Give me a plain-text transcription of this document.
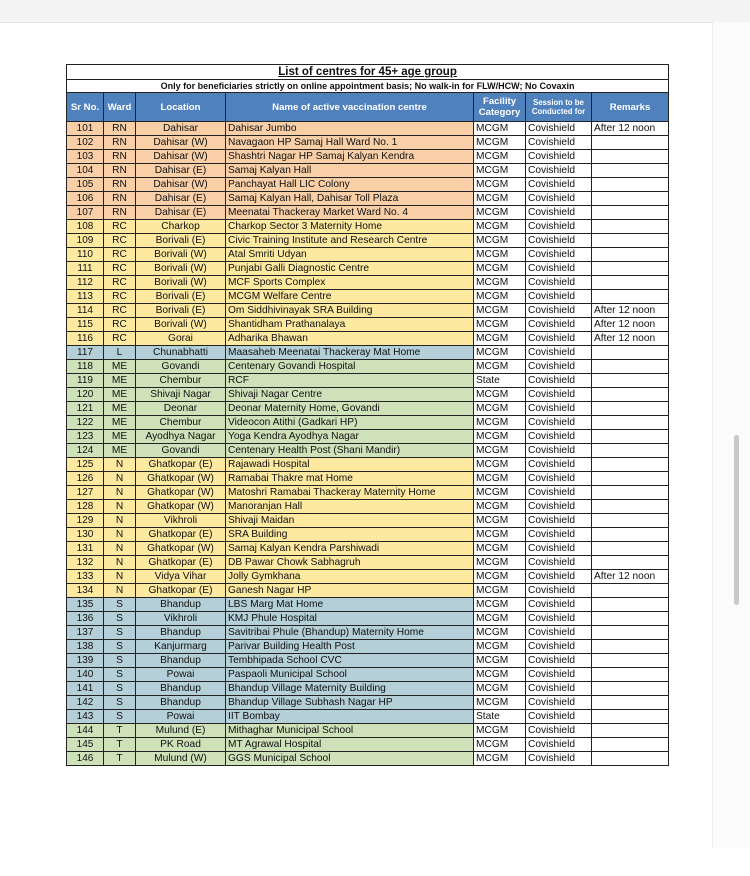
List of centres for 45+ age group						
Only for beneficiaries strictly on online appointment basis; No walk-in for FLW/HCW; No Covaxin						
Sr No.	Ward	Location	Name of active vaccination centre	Facility Category	Session to be Conducted for	Remarks
101	RN	Dahisar	Dahisar Jumbo	MCGM	Covishield	After 12 noon
102	RN	Dahisar (W)	Navagaon HP Samaj Hall Ward No. 1	MCGM	Covishield	
103	RN	Dahisar (W)	Shashtri Nagar HP Samaj Kalyan Kendra	MCGM	Covishield	
104	RN	Dahisar (E)	Samaj Kalyan Hall	MCGM	Covishield	
105	RN	Dahisar (W)	Panchayat Hall LIC Colony	MCGM	Covishield	
106	RN	Dahisar (E)	Samaj Kalyan Hall, Dahisar Toll Plaza	MCGM	Covishield	
107	RN	Dahisar (E)	Meenatai Thackeray Market Ward No. 4	MCGM	Covishield	
108	RC	Charkop	Charkop Sector 3 Maternity Home	MCGM	Covishield	
109	RC	Borivali (E)	Civic Training Institute and Research Centre	MCGM	Covishield	
110	RC	Borivali (W)	Atal Smriti Udyan	MCGM	Covishield	
111	RC	Borivali (W)	Punjabi Galli Diagnostic Centre	MCGM	Covishield	
112	RC	Borivali (W)	MCF Sports Complex	MCGM	Covishield	
113	RC	Borivali (E)	MCGM Welfare Centre	MCGM	Covishield	
114	RC	Borivali (E)	Om Siddhivinayak SRA Building	MCGM	Covishield	After 12 noon
115	RC	Borivali (W)	Shantidham Prathanalaya	MCGM	Covishield	After 12 noon
116	RC	Gorai	Adharika Bhawan	MCGM	Covishield	After 12 noon
117	L	Chunabhatti	Maasaheb Meenatai Thackeray Mat Home	MCGM	Covishield	
118	ME	Govandi	Centenary Govandi Hospital	MCGM	Covishield	
119	ME	Chembur	RCF	State	Covishield	
120	ME	Shivaji Nagar	Shivaji Nagar Centre	MCGM	Covishield	
121	ME	Deonar	Deonar Maternity Home, Govandi	MCGM	Covishield	
122	ME	Chembur	Videocon Atithi (Gadkari HP)	MCGM	Covishield	
123	ME	Ayodhya Nagar	Yoga Kendra Ayodhya Nagar	MCGM	Covishield	
124	ME	Govandi	Centenary Health Post (Shani Mandir)	MCGM	Covishield	
125	N	Ghatkopar (E)	Rajawadi Hospital	MCGM	Covishield	
126	N	Ghatkopar (W)	Ramabai Thakre mat Home	MCGM	Covishield	
127	N	Ghatkopar (W)	Matoshri Ramabai Thackeray Maternity Home	MCGM	Covishield	
128	N	Ghatkopar (W)	Manoranjan Hall	MCGM	Covishield	
129	N	Vikhroli	Shivaji Maidan	MCGM	Covishield	
130	N	Ghatkopar (E)	SRA Building	MCGM	Covishield	
131	N	Ghatkopar (W)	Samaj Kalyan Kendra Parshiwadi	MCGM	Covishield	
132	N	Ghatkopar (E)	DB Pawar Chowk Sabhagruh	MCGM	Covishield	
133	N	Vidya Vihar	Jolly Gymkhana	MCGM	Covishield	After 12 noon
134	N	Ghatkopar (E)	Ganesh Nagar HP	MCGM	Covishield	
135	S	Bhandup	LBS Marg Mat Home	MCGM	Covishield	
136	S	Vikhroli	KMJ Phule Hospital	MCGM	Covishield	
137	S	Bhandup	Savitribai Phule (Bhandup) Maternity Home	MCGM	Covishield	
138	S	Kanjurmarg	Parivar Building Health Post	MCGM	Covishield	
139	S	Bhandup	Tembhipada School CVC	MCGM	Covishield	
140	S	Powai	Paspaoli Municipal School	MCGM	Covishield	
141	S	Bhandup	Bhandup Village Maternity Building	MCGM	Covishield	
142	S	Bhandup	Bhandup Village Subhash Nagar HP	MCGM	Covishield	
143	S	Powai	IIT Bombay	State	Covishield	
144	T	Mulund (E)	Mithaghar Municipal School	MCGM	Covishield	
145	T	PK Road	MT Agrawal Hospital	MCGM	Covishield	
146	T	Mulund (W)	GGS Municipal School	MCGM	Covishield	
